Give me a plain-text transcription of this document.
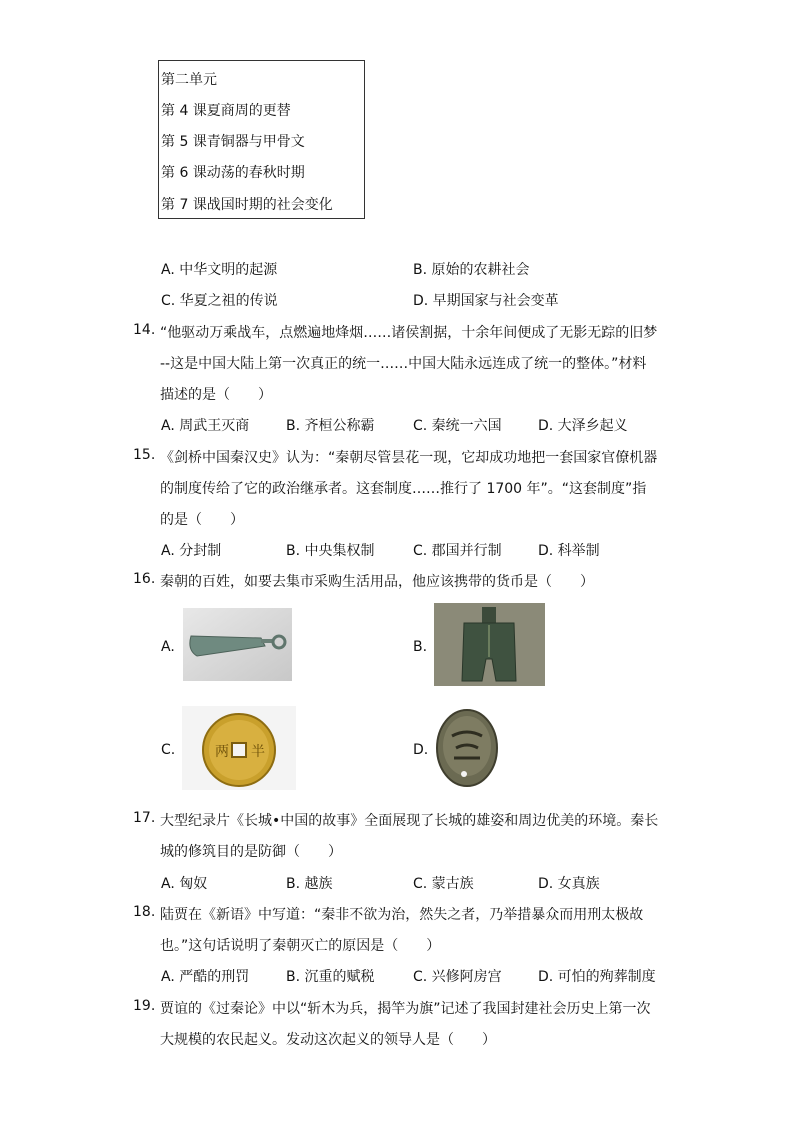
第二单元
第 4 课夏商周的更替
第 5 课青铜器与甲骨文
第 6 课动荡的春秋时期
第 7 课战国时期的社会变化
A. 中华文明的起源	B. 原始的农耕社会
C. 华夏之祖的传说	D. 早期国家与社会变革
14. “他驱动万乘战车，点燃遍地烽烟……诸侯割据，十余年间便成了无影无踪的旧梦
--这是中国大陆上第一次真正的统一……中国大陆永远连成了统一的整体。”材料
描述的是（　　）
A. 周武王灭商	B. 齐桓公称霸	C. 秦统一六国	D. 大泽乡起义
15. 《剑桥中国秦汉史》认为：“秦朝尽管昙花一现，它却成功地把一套国家官僚机器
的制度传给了它的政治继承者。这套制度……推行了 1700 年”。“这套制度”指
的是（　　）
A. 分封制	B. 中央集权制	C. 郡国并行制	D. 科举制
16. 秦朝的百姓，如要去集市采购生活用品，他应该携带的货币是（　　）
A.	B.
C.	两 半	D.
17. 大型纪录片《长城•中国的故事》全面展现了长城的雄姿和周边优美的环境。秦长
城的修筑目的是防御（　　）
A. 匈奴	B. 越族	C. 蒙古族	D. 女真族
18. 陆贾在《新语》中写道：“秦非不欲为治，然失之者，乃举措暴众而用刑太极故
也。”这句话说明了秦朝灭亡的原因是（　　）
A. 严酷的刑罚	B. 沉重的赋税	C. 兴修阿房宫	D. 可怕的殉葬制度
19. 贾谊的《过秦论》中以“斩木为兵，揭竿为旗”记述了我国封建社会历史上第一次
大规模的农民起义。发动这次起义的领导人是（　　）
